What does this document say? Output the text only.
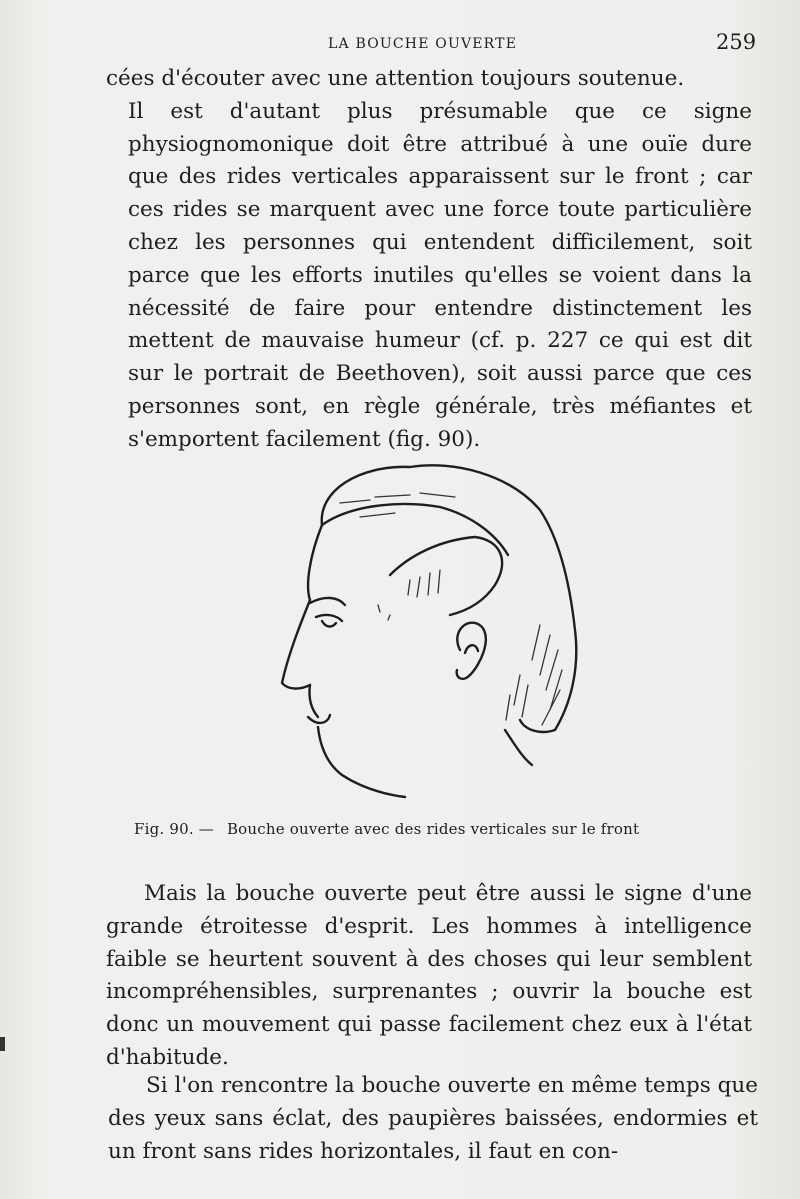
LA BOUCHE OUVERTE	259

cées d'écouter avec une attention toujours soutenue.
Il est d'autant plus présumable que ce signe physiognomonique doit être attribué à une ouïe dure que des rides verticales apparaissent sur le front ; car ces rides se marquent avec une force toute particulière chez les personnes qui entendent difficilement, soit parce que les efforts inutiles qu'elles se voient dans la nécessité de faire pour entendre distinctement les mettent de mauvaise humeur (cf. p. 227 ce qui est dit sur le portrait de Beethoven), soit aussi parce que ces personnes sont, en règle générale, très méfiantes et s'emportent facilement (fig. 90).

Fig. 90. — Bouche ouverte avec des rides verticales sur le front

Mais la bouche ouverte peut être aussi le signe d'une grande étroitesse d'esprit. Les hommes à intelligence faible se heurtent souvent à des choses qui leur semblent incompréhensibles, surprenantes ; ouvrir la bouche est donc un mouvement qui passe facilement chez eux à l'état d'habitude.

Si l'on rencontre la bouche ouverte en même temps que des yeux sans éclat, des paupières baissées, endormies et un front sans rides horizontales, il faut en con-
